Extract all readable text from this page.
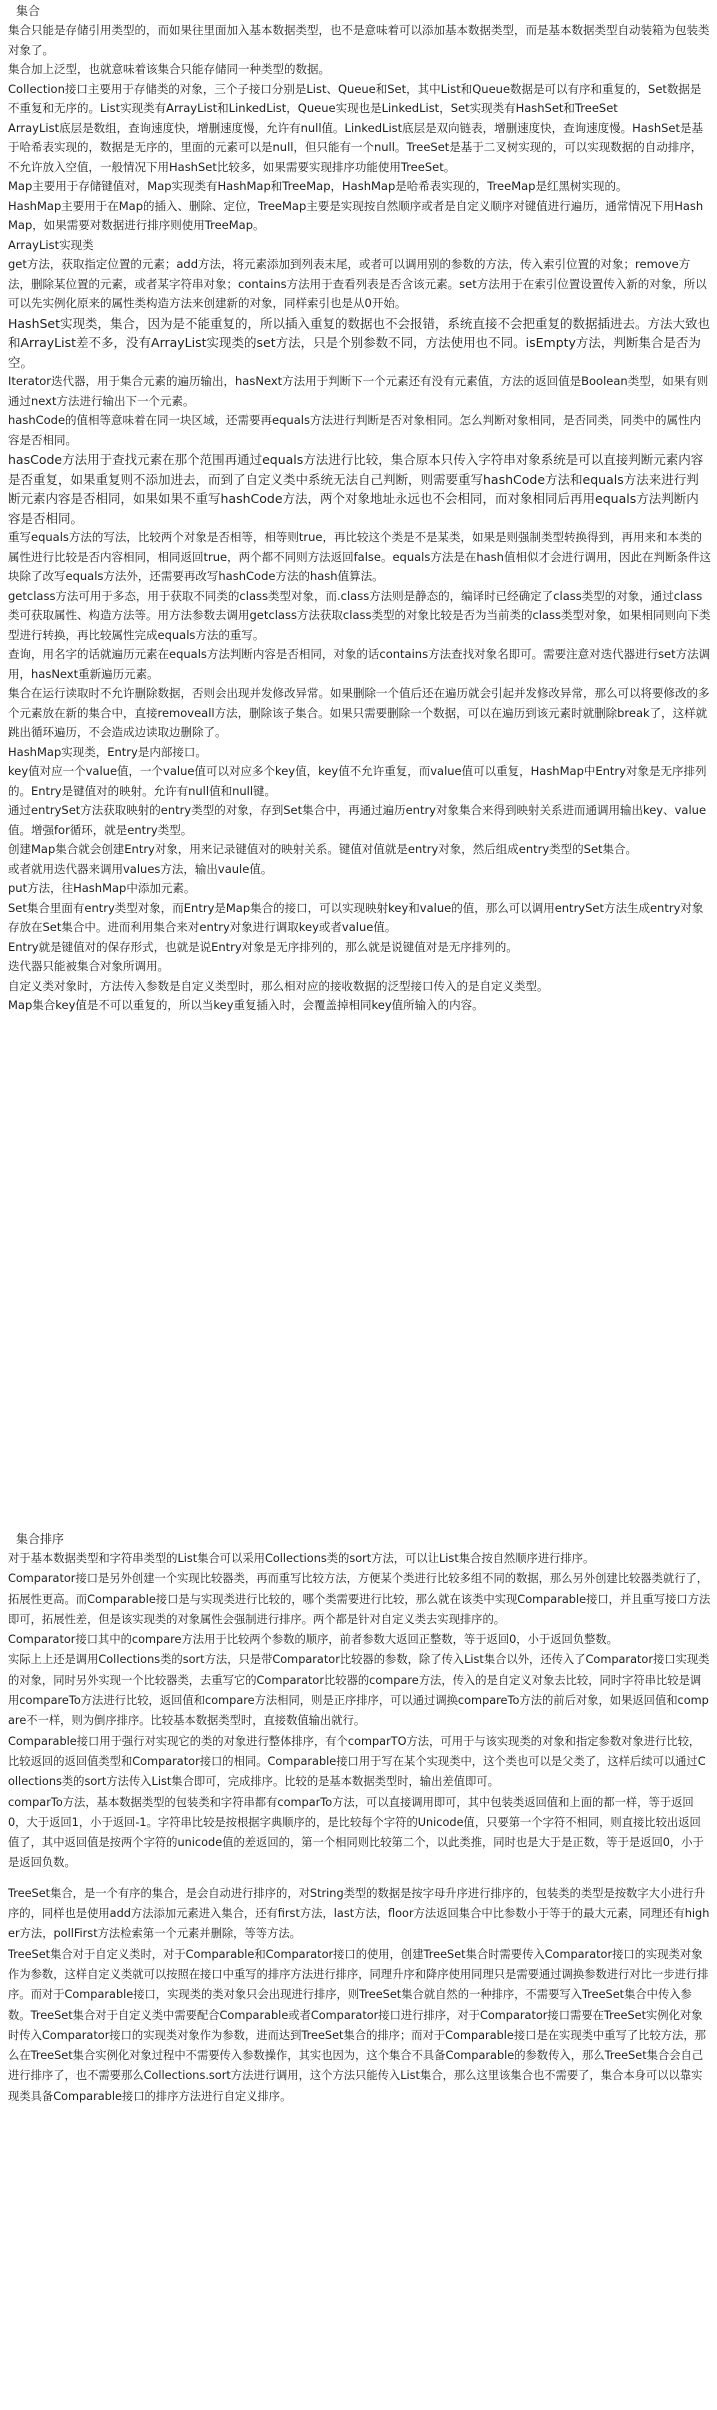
集合

集合只能是存储引用类型的，而如果往里面加入基本数据类型，也不是意味着可以添加基本数据类型，而是基本数据类型自动装箱为包装类对象了。

集合加上泛型，也就意味着该集合只能存储同一种类型的数据。

Collection接口主要用于存储类的对象，三个子接口分别是List、Queue和Set，其中List和Queue数据是可以有序和重复的，Set数据是不重复和无序的。List实现类有ArrayList和LinkedList，Queue实现也是LinkedList，Set实现类有HashSet和TreeSet

ArrayList底层是数组，查询速度快，增删速度慢，允许有null值。LinkedList底层是双向链表，增删速度快，查询速度慢。HashSet是基于哈希表实现的，数据是无序的，里面的元素可以是null，但只能有一个null。TreeSet是基于二叉树实现的，可以实现数据的自动排序，不允许放入空值，一般情况下用HashSet比较多，如果需要实现排序功能使用TreeSet。

Map主要用于存储键值对，Map实现类有HashMap和TreeMap，HashMap是哈希表实现的，TreeMap是红黑树实现的。

HashMap主要用于在Map的插入、删除、定位，TreeMap主要是实现按自然顺序或者是自定义顺序对键值进行遍历，通常情况下用HashMap，如果需要对数据进行排序则使用TreeMap。

ArrayList实现类

get方法，获取指定位置的元素；add方法，将元素添加到列表末尾，或者可以调用别的参数的方法，传入索引位置的对象；remove方法，删除某位置的元素，或者某字符串对象；contains方法用于查看列表是否含该元素。set方法用于在索引位置设置传入新的对象，所以可以先实例化原来的属性类构造方法来创建新的对象，同样索引也是从0开始。

HashSet实现类，集合，因为是不能重复的，所以插入重复的数据也不会报错，系统直接不会把重复的数据插进去。方法大致也和ArrayList差不多，没有ArrayList实现类的set方法，只是个别参数不同，方法使用也不同。isEmpty方法，判断集合是否为空。

Iterator迭代器，用于集合元素的遍历输出，hasNext方法用于判断下一个元素还有没有元素值，方法的返回值是Boolean类型，如果有则通过next方法进行输出下一个元素。

hashCode的值相等意味着在同一块区域，还需要再equals方法进行判断是否对象相同。怎么判断对象相同，是否同类，同类中的属性内容是否相同。

hasCode方法用于查找元素在那个范围再通过equals方法进行比较，集合原本只传入字符串对象系统是可以直接判断元素内容是否重复，如果重复则不添加进去，而到了自定义类中系统无法自己判断，则需要重写hashCode方法和equals方法来进行判断元素内容是否相同，如果如果不重写hashCode方法，两个对象地址永远也不会相同，而对象相同后再用equals方法判断内容是否相同。

重写equals方法的写法，比较两个对象是否相等，相等则true，再比较这个类是不是某类，如果是则强制类型转换得到，再用来和本类的属性进行比较是否内容相同，相同返回true，两个都不同则方法返回false。equals方法是在hash值相似才会进行调用，因此在判断条件这块除了改写equals方法外，还需要再改写hashCode方法的hash值算法。

getclass方法可用于多态，用于获取不同类的class类型对象，而.class方法则是静态的，编译时已经确定了class类型的对象，通过class类可获取属性、构造方法等。用方法参数去调用getclass方法获取class类型的对象比较是否为当前类的class类型对象，如果相同则向下类型进行转换，再比较属性完成equals方法的重写。

查询，用名字的话就遍历元素在equals方法判断内容是否相同，对象的话contains方法查找对象名即可。需要注意对迭代器进行set方法调用，hasNext重新遍历元素。

集合在运行读取时不允许删除数据，否则会出现并发修改异常。如果删除一个值后还在遍历就会引起并发修改异常，那么可以将要修改的多个元素放在新的集合中，直接removeall方法，删除该子集合。如果只需要删除一个数据，可以在遍历到该元素时就删除break了，这样就跳出循环遍历，不会造成边读取边删除了。

HashMap实现类，Entry是内部接口。

key值对应一个value值，一个value值可以对应多个key值，key值不允许重复，而value值可以重复，HashMap中Entry对象是无序排列的。Entry是键值对的映射。允许有null值和null键。

通过entrySet方法获取映射的entry类型的对象，存到Set集合中，再通过遍历entry对象集合来得到映射关系进而通调用输出key、value值。增强for循环，就是entry类型。

创建Map集合就会创建Entry对象，用来记录键值对的映射关系。键值对值就是entry对象，然后组成entry类型的Set集合。

或者就用迭代器来调用values方法，输出vaule值。

put方法，往HashMap中添加元素。

Set集合里面有entry类型对象，而Entry是Map集合的接口，可以实现映射key和value的值，那么可以调用entrySet方法生成entry对象存放在Set集合中。进而利用集合来对entry对象进行调取key或者value值。

Entry就是键值对的保存形式，也就是说Entry对象是无序排列的，那么就是说键值对是无序排列的。

迭代器只能被集合对象所调用。

自定义类对象时，方法传入参数是自定义类型时，那么相对应的接收数据的泛型接口传入的是自定义类型。

Map集合key值是不可以重复的，所以当key重复插入时，会覆盖掉相同key值所输入的内容。

集合排序

对于基本数据类型和字符串类型的List集合可以采用Collections类的sort方法，可以让List集合按自然顺序进行排序。

Comparator接口是另外创建一个实现比较器类，再而重写比较方法，方便某个类进行比较多组不同的数据，那么另外创建比较器类就行了，拓展性更高。而Comparable接口是与实现类进行比较的，哪个类需要进行比较，那么就在该类中实现Comparable接口，并且重写接口方法即可，拓展性差，但是该实现类的对象属性会强制进行排序。两个都是针对自定义类去实现排序的。

Comparator接口其中的compare方法用于比较两个参数的顺序，前者参数大返回正整数，等于返回0，小于返回负整数。

实际上上还是调用Collections类的sort方法，只是带Comparator比较器的参数，除了传入List集合以外，还传入了Comparator接口实现类的对象，同时另外实现一个比较器类，去重写它的Comparator比较器的compare方法，传入的是自定义对象去比较，同时字符串比较是调用compareTo方法进行比较，返回值和compare方法相同，则是正序排序，可以通过调换compareTo方法的前后对象，如果返回值和compare不一样，则为倒序排序。比较基本数据类型时，直接数值输出就行。

Comparable接口用于强行对实现它的类的对象进行整体排序，有个comparTO方法，可用于与该实现类的对象和指定参数对象进行比较，比较返回的返回值类型和Comparator接口的相同。Comparable接口用于写在某个实现类中，这个类也可以是父类了，这样后续可以通过Collections类的sort方法传入List集合即可，完成排序。比较的是基本数据类型时，输出差值即可。

comparTo方法，基本数据类型的包装类和字符串都有comparTo方法，可以直接调用即可，其中包装类返回值和上面的都一样，等于返回0，大于返回1，小于返回-1。字符串比较是按根据字典顺序的，是比较每个字符的Unicode值，只要第一个字符不相同，则直接比较出返回值了，其中返回值是按两个字符的unicode值的差返回的，第一个相同则比较第二个，以此类推，同时也是大于是正数，等于是返回0，小于是返回负数。

TreeSet集合，是一个有序的集合，是会自动进行排序的，对String类型的数据是按字母升序进行排序的，包装类的类型是按数字大小进行升序的，同样也是使用add方法添加元素进入集合，还有first方法，last方法，floor方法返回集合中比参数小于等于的最大元素，同理还有higher方法，pollFirst方法检索第一个元素并删除，等等方法。

TreeSet集合对于自定义类时，对于Comparable和Comparator接口的使用，创建TreeSet集合时需要传入Comparator接口的实现类对象作为参数，这样自定义类就可以按照在接口中重写的排序方法进行排序，同理升序和降序使用同理只是需要通过调换参数进行对比一步进行排序。而对于Comparable接口，实现类的类对象只会出现进行排序，则TreeSet集合就自然的一种排序，不需要写入TreeSet集合中传入参数。TreeSet集合对于自定义类中需要配合Comparable或者Comparator接口进行排序，对于Comparator接口需要在TreeSet实例化对象时传入Comparator接口的实现类对象作为参数，进而达到TreeSet集合的排序；而对于Comparable接口是在实现类中重写了比较方法，那么在TreeSet集合实例化对象过程中不需要传入参数操作，其实也因为，这个集合不具备Comparable的参数传入，那么TreeSet集合会自己进行排序了，也不需要那么Collections.sort方法进行调用，这个方法只能传入List集合，那么这里该集合也不需要了，集合本身可以以靠实现类具备Comparable接口的排序方法进行自定义排序。
